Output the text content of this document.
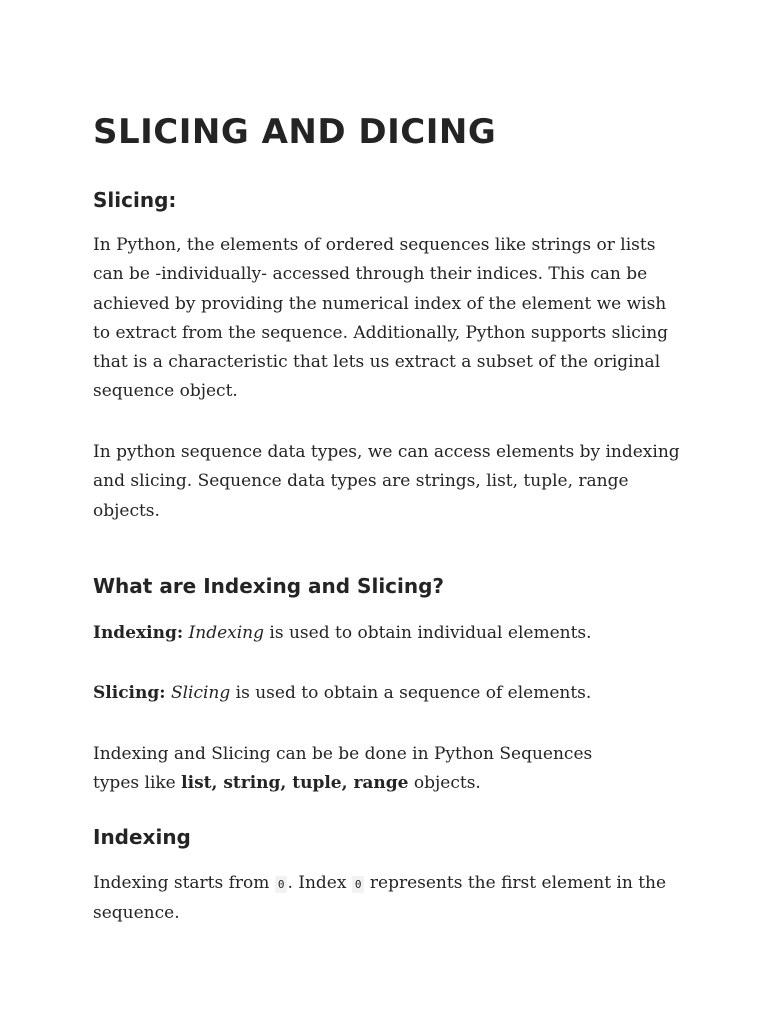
SLICING AND DICING
Slicing:

In Python, the elements of ordered sequences like strings or lists can be -individually- accessed through their indices. This can be achieved by providing the numerical index of the element we wish to extract from the sequence. Additionally, Python supports slicing that is a characteristic that lets us extract a subset of the original sequence object.

In python sequence data types, we can access elements by indexing and slicing. Sequence data types are strings, list, tuple, range objects.

What are Indexing and Slicing?

Indexing: Indexing is used to obtain individual elements.

Slicing: Slicing is used to obtain a sequence of elements.

Indexing and Slicing can be be done in Python Sequences types like list, string, tuple, range objects.

Indexing

Indexing starts from 0 . Index 0 represents the first element in the sequence.
